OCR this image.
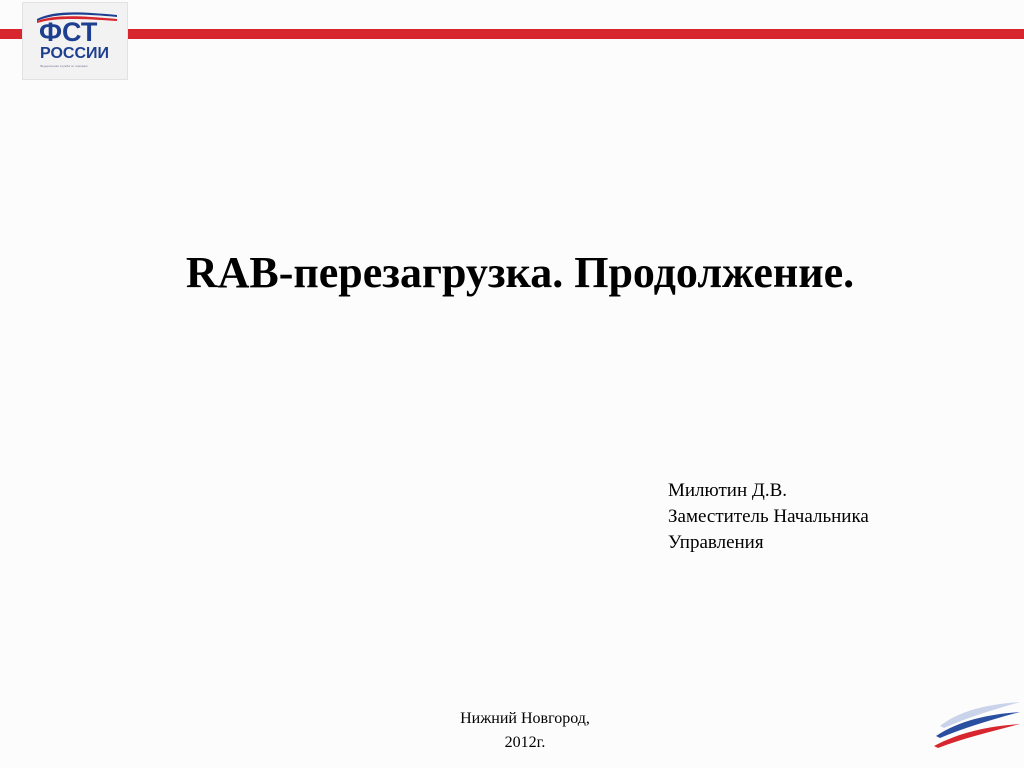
ФСТ
РОССИИ
Федеральная служба по тарифам
RAB-перезагрузка. Продолжение.
Милютин Д.В.
Заместитель Начальника
Управления
Нижний Новгород,
2012г.
